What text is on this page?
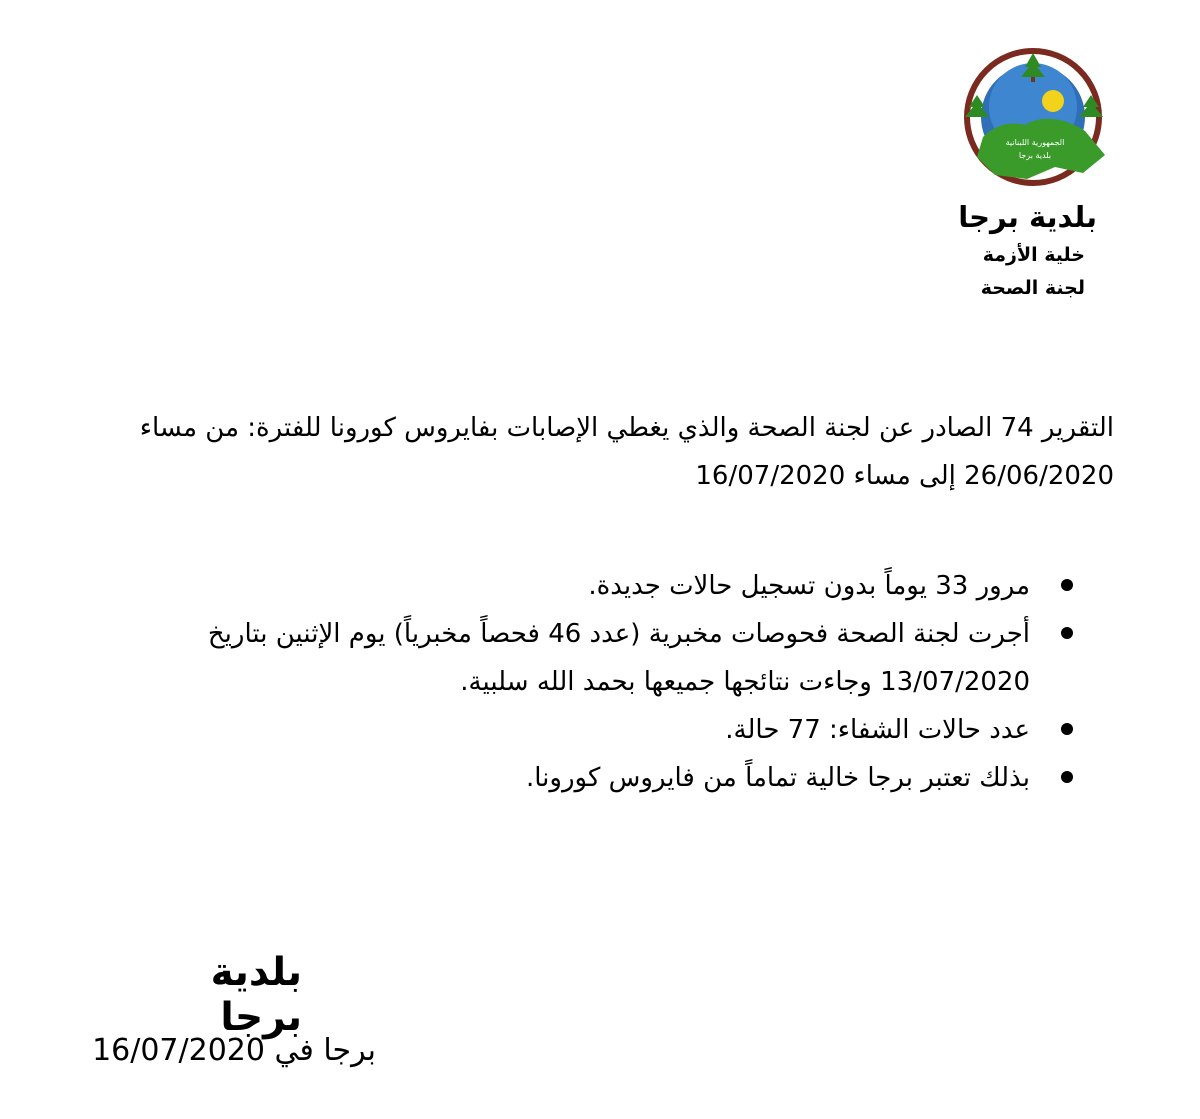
الجمهورية اللبنانية
بلدية برجا
بلدية برجا
خلية الأزمة
لجنة الصحة
التقرير 74 الصادر عن لجنة الصحة والذي يغطي الإصابات بفايروس كورونا للفترة: من مساء 26/06/2020 إلى مساء 16/07/2020
مرور 33 يوماً بدون تسجيل حالات جديدة.
أجرت لجنة الصحة فحوصات مخبرية (عدد 46 فحصاً مخبرياً) يوم الإثنين بتاريخ 13/07/2020 وجاءت نتائجها جميعها بحمد الله سلبية.
عدد حالات الشفاء: 77 حالة.
بذلك تعتبر برجا خالية تماماً من فايروس كورونا.
بلدية برجا
برجا في 16/07/2020
